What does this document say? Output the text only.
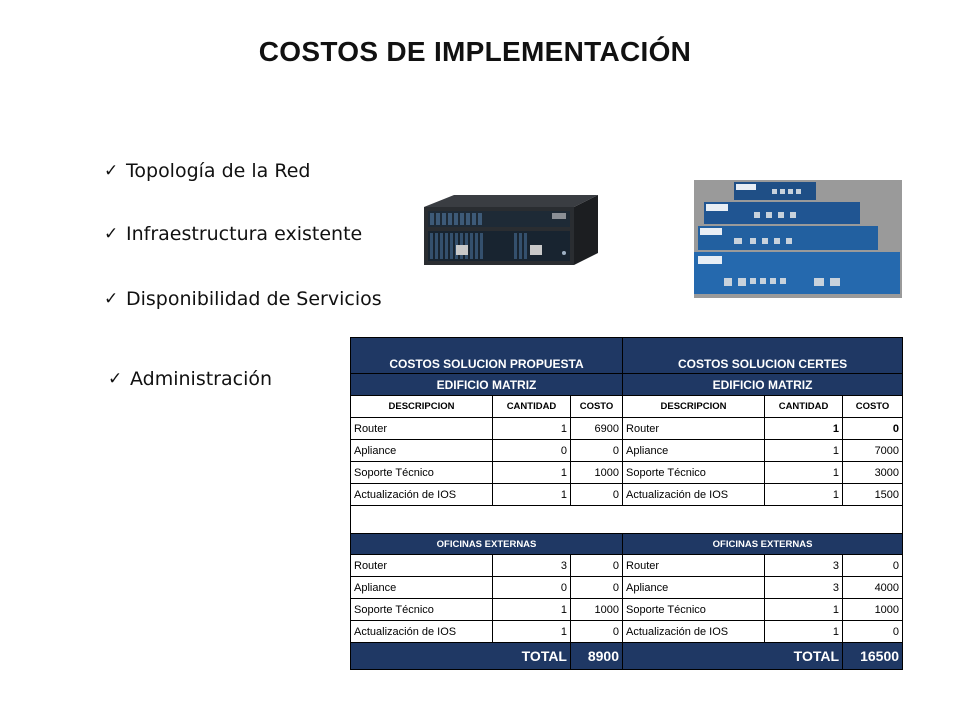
COSTOS DE IMPLEMENTACIÓN
✓ Topología de la Red
✓ Infraestructura existente
✓ Disponibilidad de Servicios
✓ Administración
COSTOS SOLUCION PROPUESTA			COSTOS SOLUCION CERTES		
EDIFICIO MATRIZ			EDIFICIO MATRIZ		
DESCRIPCION	CANTIDAD	COSTO	DESCRIPCION	CANTIDAD	COSTO
Router	1	6900	Router	1	0
Apliance	0	0	Apliance	1	7000
Soporte Técnico	1	1000	Soporte Técnico	1	3000
Actualización de IOS	1	0	Actualización de IOS	1	1500

OFICINAS EXTERNAS			OFICINAS EXTERNAS		
Router	3	0	Router	3	0
Apliance	0	0	Apliance	3	4000
Soporte Técnico	1	1000	Soporte Técnico	1	1000
Actualización de IOS	1	0	Actualización de IOS	1	0
TOTAL		8900	TOTAL		16500
